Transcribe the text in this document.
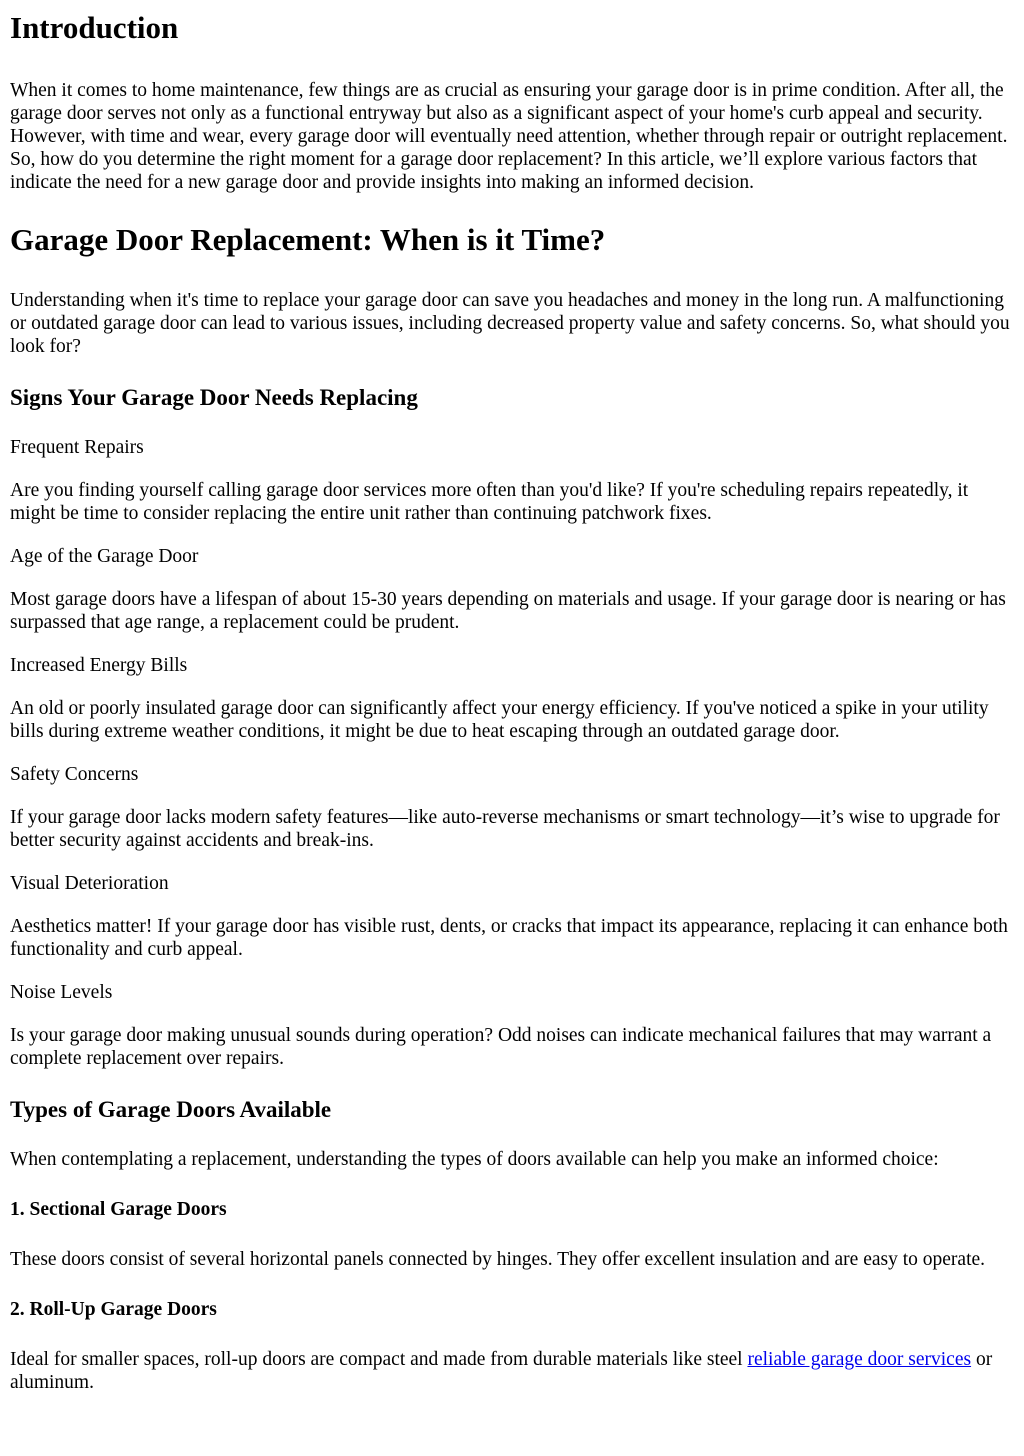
Introduction

When it comes to home maintenance, few things are as crucial as ensuring your garage door is in prime condition. After all, the garage door serves not only as a functional entryway but also as a significant aspect of your home's curb appeal and security. However, with time and wear, every garage door will eventually need attention, whether through repair or outright replacement. So, how do you determine the right moment for a garage door replacement? In this article, we’ll explore various factors that indicate the need for a new garage door and provide insights into making an informed decision.

Garage Door Replacement: When is it Time?

Understanding when it's time to replace your garage door can save you headaches and money in the long run. A malfunctioning or outdated garage door can lead to various issues, including decreased property value and safety concerns. So, what should you look for?

Signs Your Garage Door Needs Replacing

Frequent Repairs

Are you finding yourself calling garage door services more often than you'd like? If you're scheduling repairs repeatedly, it might be time to consider replacing the entire unit rather than continuing patchwork fixes.

Age of the Garage Door

Most garage doors have a lifespan of about 15-30 years depending on materials and usage. If your garage door is nearing or has surpassed that age range, a replacement could be prudent.

Increased Energy Bills

An old or poorly insulated garage door can significantly affect your energy efficiency. If you've noticed a spike in your utility bills during extreme weather conditions, it might be due to heat escaping through an outdated garage door.

Safety Concerns

If your garage door lacks modern safety features—like auto-reverse mechanisms or smart technology—it’s wise to upgrade for better security against accidents and break-ins.

Visual Deterioration

Aesthetics matter! If your garage door has visible rust, dents, or cracks that impact its appearance, replacing it can enhance both functionality and curb appeal.

Noise Levels

Is your garage door making unusual sounds during operation? Odd noises can indicate mechanical failures that may warrant a complete replacement over repairs.

Types of Garage Doors Available

When contemplating a replacement, understanding the types of doors available can help you make an informed choice:

1. Sectional Garage Doors

These doors consist of several horizontal panels connected by hinges. They offer excellent insulation and are easy to operate.

2. Roll-Up Garage Doors

Ideal for smaller spaces, roll-up doors are compact and made from durable materials like steel reliable garage door services or aluminum.
